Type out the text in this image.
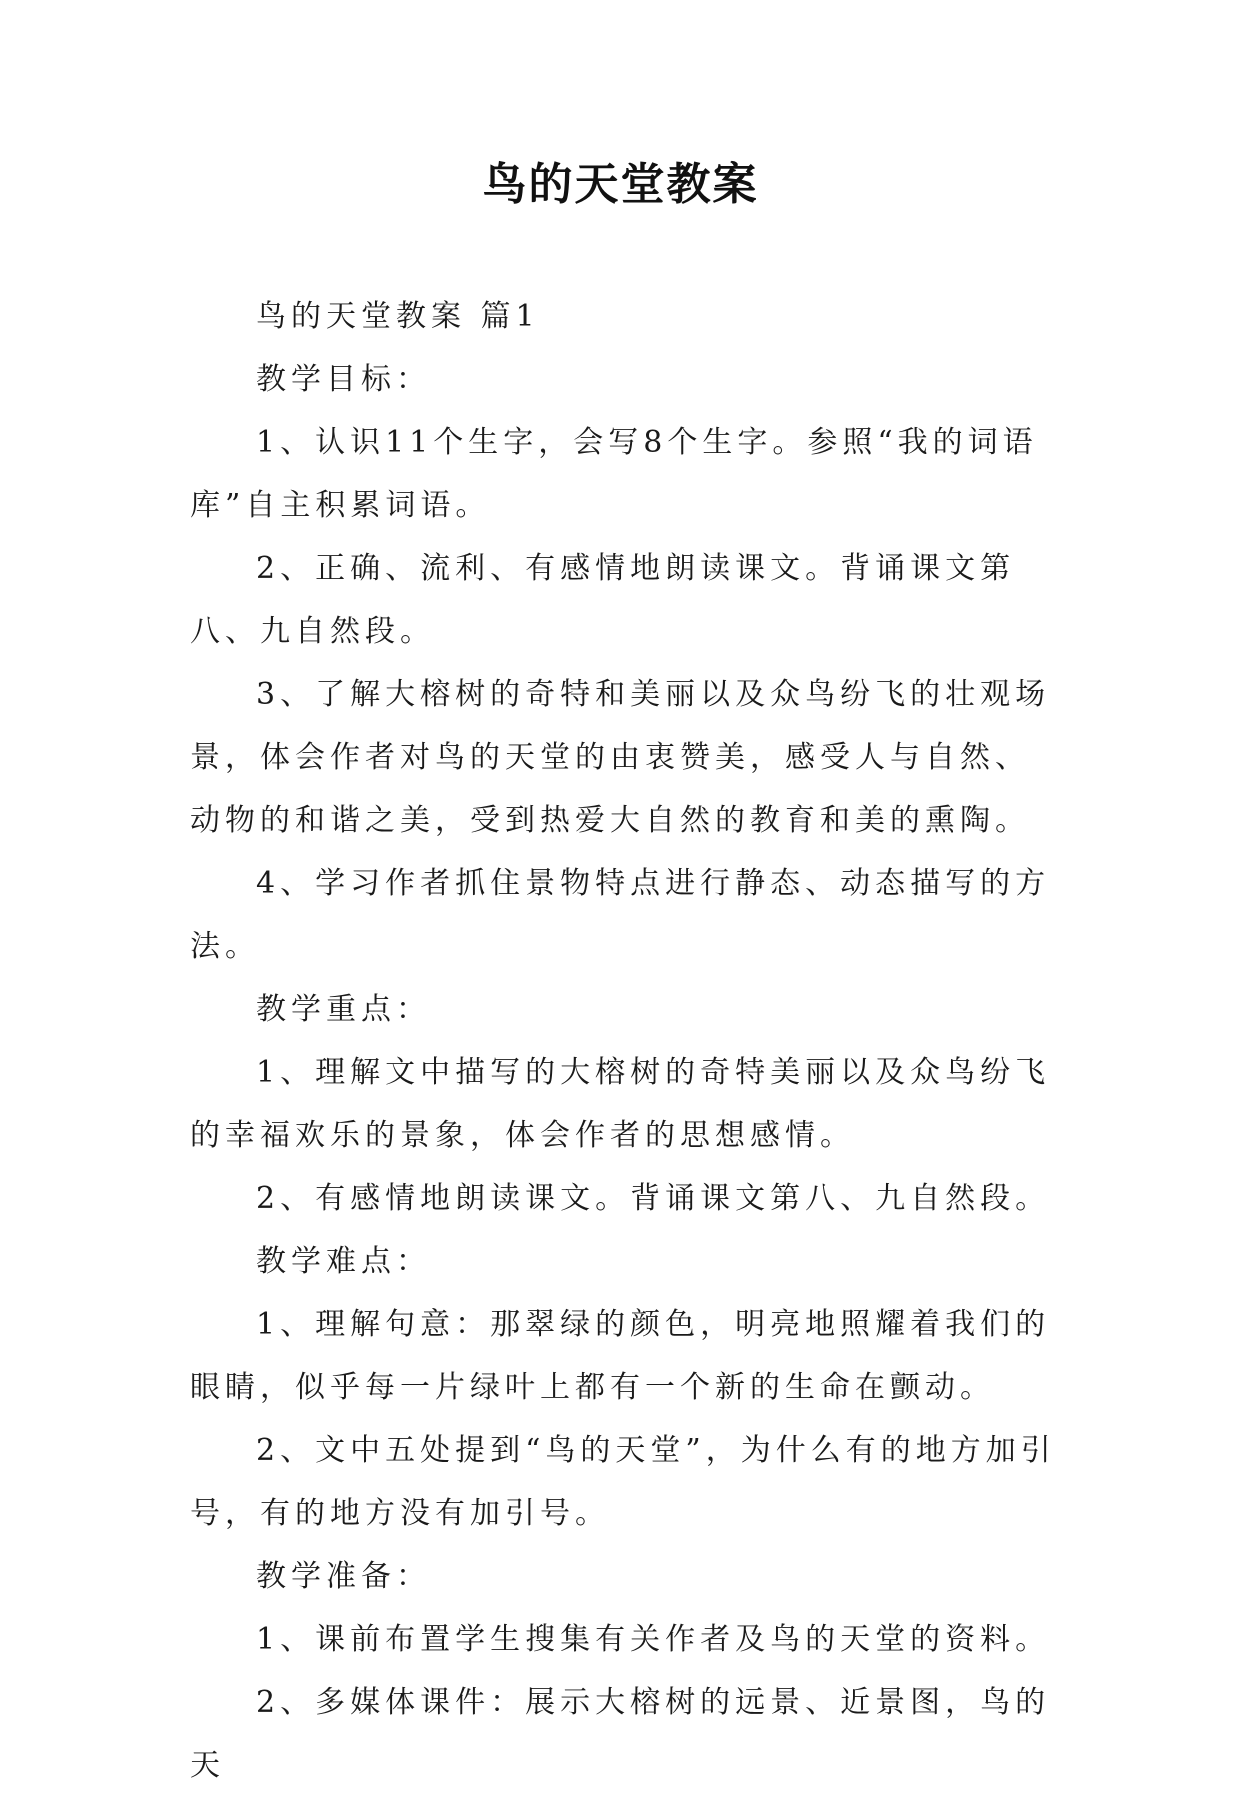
鸟的天堂教案

鸟的天堂教案 篇1

教学目标：

1、认识11个生字，会写8个生字。参照“我的词语库”自主积累词语。

2、正确、流利、有感情地朗读课文。背诵课文第八、九自然段。

3、了解大榕树的奇特和美丽以及众鸟纷飞的壮观场景，体会作者对鸟的天堂的由衷赞美，感受人与自然、动物的和谐之美，受到热爱大自然的教育和美的熏陶。

4、学习作者抓住景物特点进行静态、动态描写的方法。

教学重点：

1、理解文中描写的大榕树的奇特美丽以及众鸟纷飞的幸福欢乐的景象，体会作者的思想感情。

2、有感情地朗读课文。背诵课文第八、九自然段。

教学难点：

1、理解句意：那翠绿的颜色，明亮地照耀着我们的眼睛，似乎每一片绿叶上都有一个新的生命在颤动。

2、文中五处提到“鸟的天堂”，为什么有的地方加引号，有的地方没有加引号。

教学准备：

1、课前布置学生搜集有关作者及鸟的天堂的资料。

2、多媒体课件：展示大榕树的远景、近景图，鸟的天
